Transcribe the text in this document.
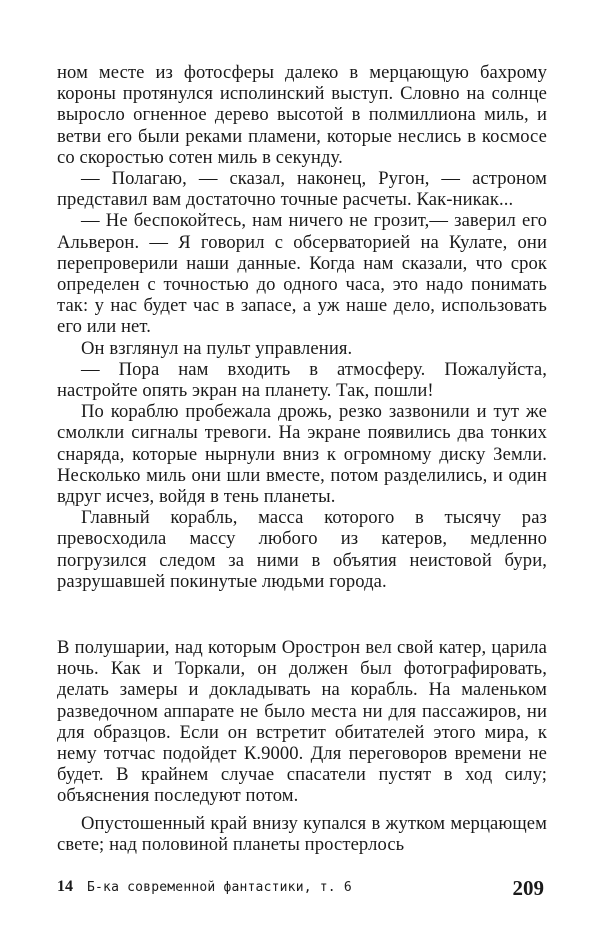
ном месте из фотосферы далеко в мерцающую бахрому короны протянулся исполинский выступ. Словно на солнце выросло огненное дерево высотой в полмиллиона миль, и ветви его были реками пламени, которые неслись в космосе со скоростью сотен миль в секунду.

— Полагаю, — сказал, наконец, Ругон, — астроном представил вам достаточно точные расчеты. Как-никак...

— Не беспокойтесь, нам ничего не грозит,— заверил его Альверон. — Я говорил с обсерваторией на Кулате, они перепроверили наши данные. Когда нам сказали, что срок определен с точностью до одного часа, это надо понимать так: у нас будет час в запасе, а уж наше дело, использовать его или нет.

Он взглянул на пульт управления.

— Пора нам входить в атмосферу. Пожалуйста, настройте опять экран на планету. Так, пошли!

По кораблю пробежала дрожь, резко зазвонили и тут же смолкли сигналы тревоги. На экране появились два тонких снаряда, которые нырнули вниз к огромному диску Земли. Несколько миль они шли вместе, потом разделились, и один вдруг исчез, войдя в тень планеты.

Главный корабль, масса которого в тысячу раз превосходила массу любого из катеров, медленно погрузился следом за ними в объятия неистовой бури, разрушавшей покинутые людьми города.

В полушарии, над которым Орострон вел свой катер, царила ночь. Как и Торкали, он должен был фотографировать, делать замеры и докладывать на корабль. На маленьком разведочном аппарате не было места ни для пассажиров, ни для образцов. Если он встретит обитателей этого мира, к нему тотчас подойдет К.9000. Для переговоров времени не будет. В крайнем случае спасатели пустят в ход силу; объяснения последуют потом.

Опустошенный край внизу купался в жутком мерцающем свете; над половиной планеты простерлось

14 Б-ка современной фантастики, т. 6	209
